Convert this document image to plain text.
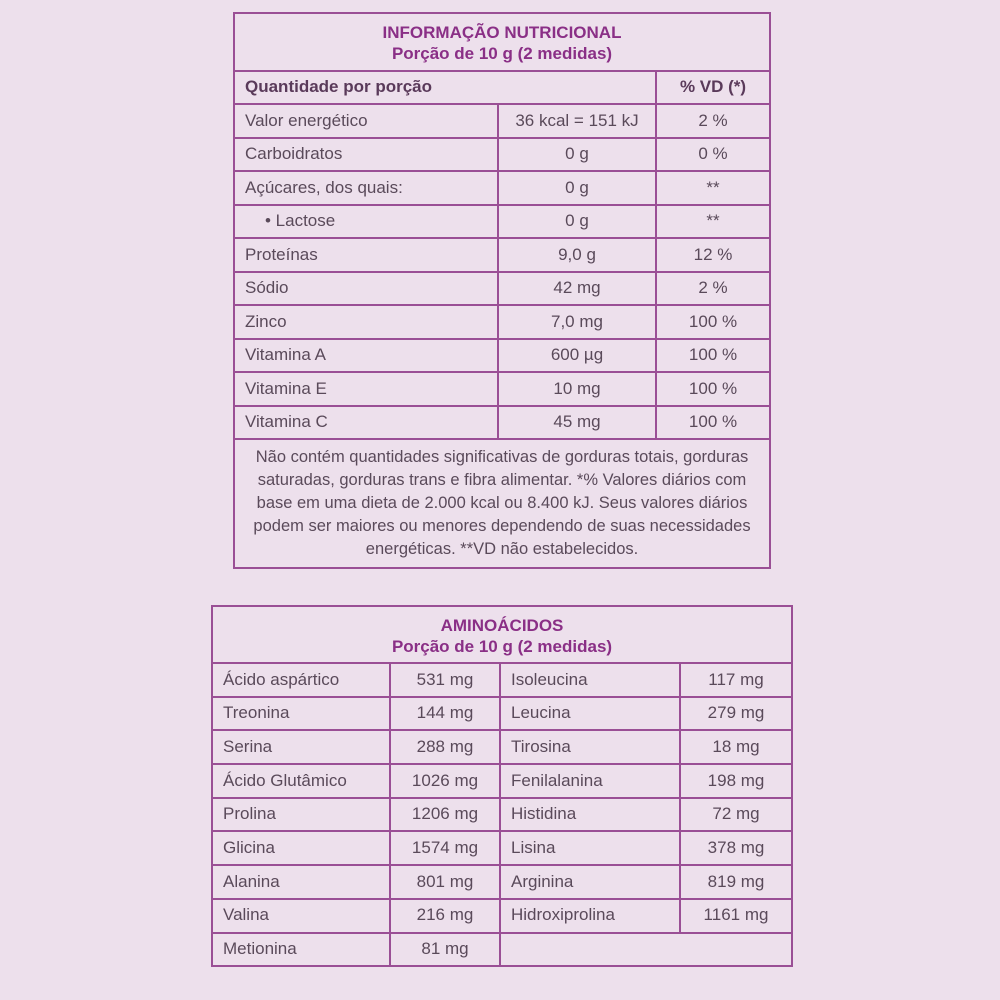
INFORMAÇÃO NUTRICIONAL
Porção de 10 g (2 medidas)		

Quantidade por porção		% VD (*)
Valor energético	36 kcal = 151 kJ	2 %
Carboidratos	0 g	0 %
Açúcares, dos quais:	0 g	**
• Lactose	0 g	**
Proteínas	9,0 g	12 %
Sódio	42 mg	2 %
Zinco	7,0 mg	100 %
Vitamina A	600 µg	100 %
Vitamina E	10 mg	100 %
Vitamina C	45 mg	100 %
Não contém quantidades significativas de gorduras totais, gorduras saturadas, gorduras trans e fibra alimentar. *% Valores diários com base em uma dieta de 2.000 kcal ou 8.400 kJ. Seus valores diários podem ser maiores ou menores dependendo de suas necessidades energéticas. **VD não estabelecidos.		
AMINOÁCIDOS
Porção de 10 g (2 medidas)			

Ácido aspártico	531 mg	Isoleucina	117 mg
Treonina	144 mg	Leucina	279 mg
Serina	288 mg	Tirosina	18 mg
Ácido Glutâmico	1026 mg	Fenilalanina	198 mg
Prolina	1206 mg	Histidina	72 mg
Glicina	1574 mg	Lisina	378 mg
Alanina	801 mg	Arginina	819 mg
Valina	216 mg	Hidroxiprolina	1161 mg
Metionina	81 mg		
